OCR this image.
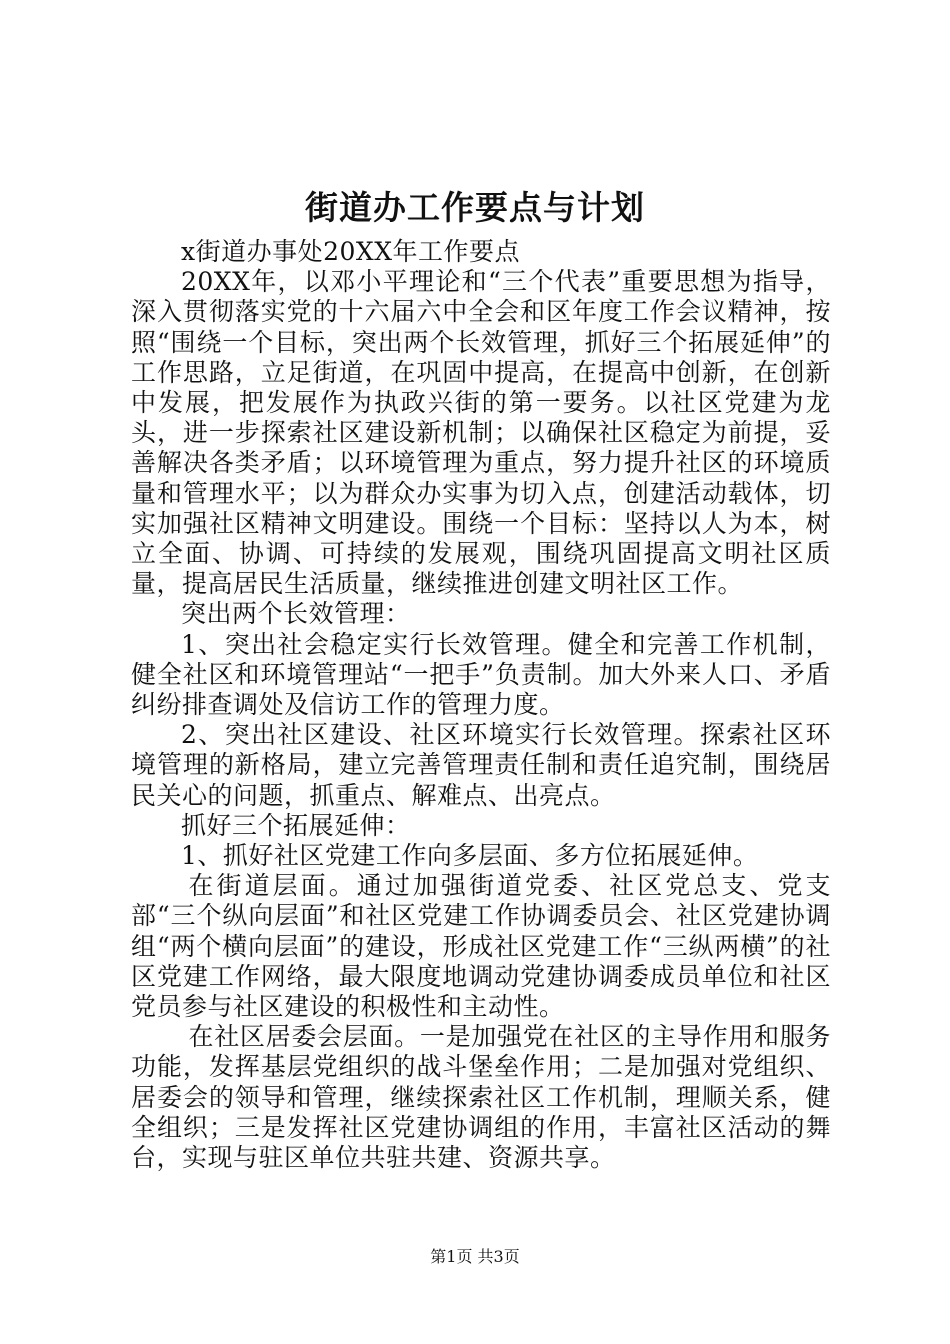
街道办工作要点与计划

x街道办事处20XX年工作要点

20XX年，以邓小平理论和“三个代表”重要思想为指导，深入贯彻落实党的十六届六中全会和区年度工作会议精神，按照“围绕一个目标，突出两个长效管理，抓好三个拓展延伸”的工作思路，立足街道，在巩固中提高，在提高中创新，在创新中发展，把发展作为执政兴街的第一要务。以社区党建为龙头，进一步探索社区建设新机制；以确保社区稳定为前提，妥善解决各类矛盾；以环境管理为重点，努力提升社区的环境质量和管理水平；以为群众办实事为切入点，创建活动载体，切实加强社区精神文明建设。围绕一个目标：坚持以人为本，树立全面、协调、可持续的发展观，围绕巩固提高文明社区质量，提高居民生活质量，继续推进创建文明社区工作。

突出两个长效管理：

1、突出社会稳定实行长效管理。健全和完善工作机制，健全社区和环境管理站“一把手”负责制。加大外来人口、矛盾纠纷排查调处及信访工作的管理力度。

2、突出社区建设、社区环境实行长效管理。探索社区环境管理的新格局，建立完善管理责任制和责任追究制，围绕居民关心的问题，抓重点、解难点、出亮点。

抓好三个拓展延伸：

1、抓好社区党建工作向多层面、多方位拓展延伸。

在街道层面。通过加强街道党委、社区党总支、党支部“三个纵向层面”和社区党建工作协调委员会、社区党建协调组“两个横向层面”的建设，形成社区党建工作“三纵两横”的社区党建工作网络，最大限度地调动党建协调委成员单位和社区党员参与社区建设的积极性和主动性。

在社区居委会层面。一是加强党在社区的主导作用和服务功能，发挥基层党组织的战斗堡垒作用；二是加强对党组织、居委会的领导和管理，继续探索社区工作机制，理顺关系，健全组织；三是发挥社区党建协调组的作用，丰富社区活动的舞台，实现与驻区单位共驻共建、资源共享。

第1页 共3页
